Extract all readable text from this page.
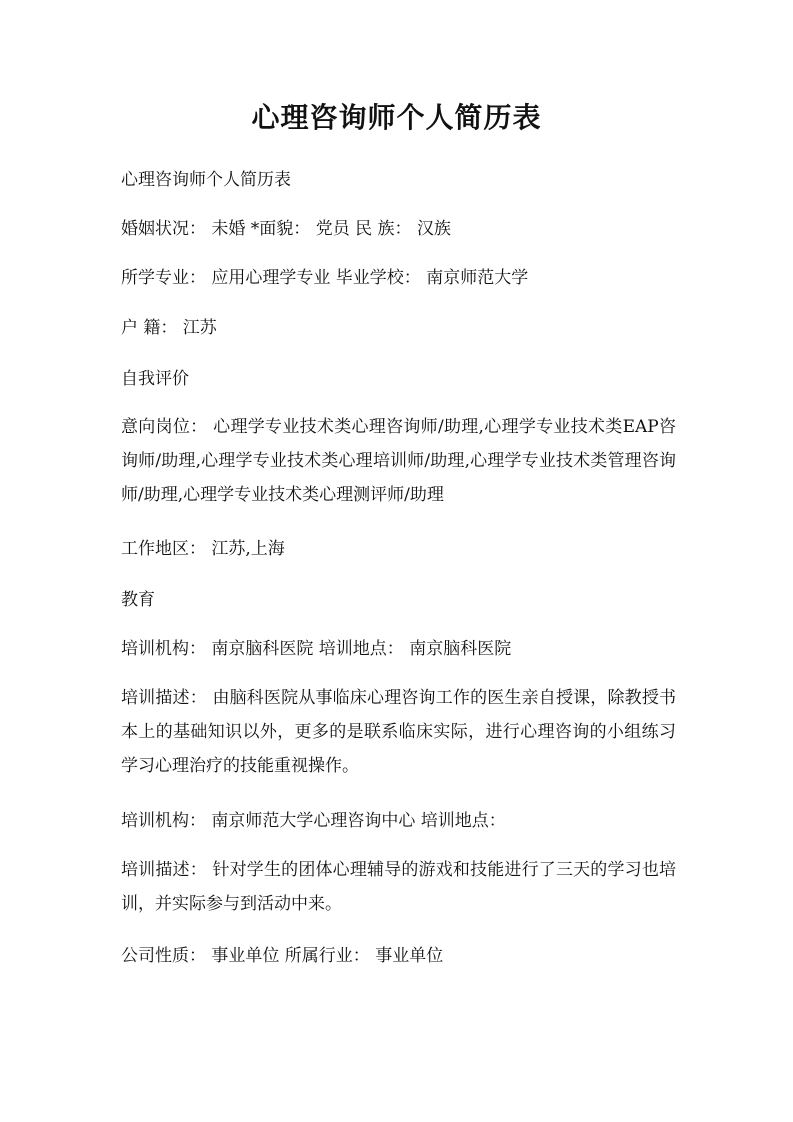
心理咨询师个人简历表
心理咨询师个人简历表
婚姻状况： 未婚 *面貌： 党员 民 族： 汉族
所学专业： 应用心理学专业 毕业学校： 南京师范大学
户 籍： 江苏
自我评价
意向岗位： 心理学专业技术类心理咨询师/助理,心理学专业技术类EAP咨询师/助理,心理学专业技术类心理培训师/助理,心理学专业技术类管理咨询师/助理,心理学专业技术类心理测评师/助理
工作地区： 江苏,上海
教育
培训机构： 南京脑科医院 培训地点： 南京脑科医院
培训描述： 由脑科医院从事临床心理咨询工作的医生亲自授课，除教授书本上的基础知识以外，更多的是联系临床实际，进行心理咨询的小组练习学习心理治疗的技能重视操作。
培训机构： 南京师范大学心理咨询中心 培训地点：
培训描述： 针对学生的团体心理辅导的游戏和技能进行了三天的学习也培训，并实际参与到活动中来。
公司性质： 事业单位 所属行业： 事业单位
